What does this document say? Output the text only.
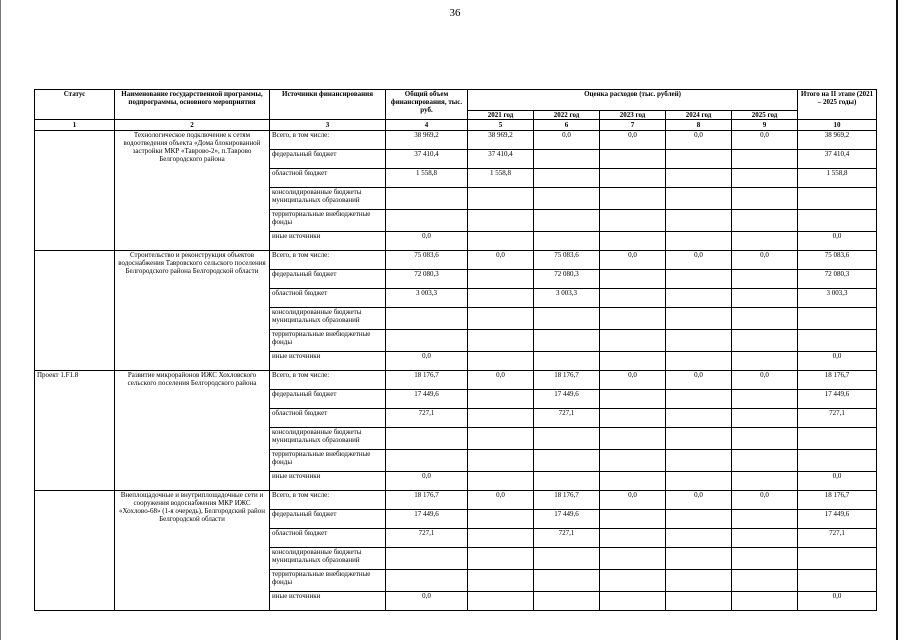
36
Статус	Наименование государственной программы, подпрограммы, основного мероприятия	Источники финансирования	Общий объем финансирования, тыс. руб.	Оценка расходов (тыс. рублей)					Итого на II этапе (2021 – 2025 годы)
				2021 год	2022 год	2023 год	2024 год	2025 год	
1	2	3	4	5	6	7	8	9	10
	Технологическое подключение к сетям водоотведения объекта «Дома блокированной застройки МКР «Таврово-2», п.Таврово Белгородского района	Всего, в том числе:	38 969,2	38 969,2	0,0	0,0	0,0	0,0	38 969,2
		федеральный бюджет	37 410,4	37 410,4					37 410,4
		областной бюджет	1 558,8	1 558,8					1 558,8
		консолидированные бюджеты муниципальных образований							
		территориальные внебюджетные фонды							
		иные источники	0,0						0,0
	Строительство и реконструкция объектов водоснабжения Тавровского сельского поселения Белгородского района Белгородской области	Всего, в том числе:	75 083,6	0,0	75 083,6	0,0	0,0	0,0	75 083,6
		федеральный бюджет	72 080,3		72 080,3				72 080,3
		областной бюджет	3 003,3		3 003,3				3 003,3
		консолидированные бюджеты муниципальных образований							
		территориальные внебюджетные фонды							
		иные источники	0,0						0,0
Проект 1.F1.8	Развитие микрорайонов ИЖС Хохловского сельского поселения Белгородского района	Всего, в том числе:	18 176,7	0,0	18 176,7	0,0	0,0	0,0	18 176,7
		федеральный бюджет	17 449,6		17 449,6				17 449,6
		областной бюджет	727,1		727,1				727,1
		консолидированные бюджеты муниципальных образований							
		территориальные внебюджетные фонды							
		иные источники	0,0						0,0
	Внеплощадочные и внутриплощадочные сети и сооружения водоснабжения МКР ИЖС «Хохлово-68» (1-я очередь), Белгородский район Белгородской области	Всего, в том числе:	18 176,7	0,0	18 176,7	0,0	0,0	0,0	18 176,7
		федеральный бюджет	17 449,6		17 449,6				17 449,6
		областной бюджет	727,1		727,1				727,1
		консолидированные бюджеты муниципальных образований							
		территориальные внебюджетные фонды							
		иные источники	0,0						0,0
